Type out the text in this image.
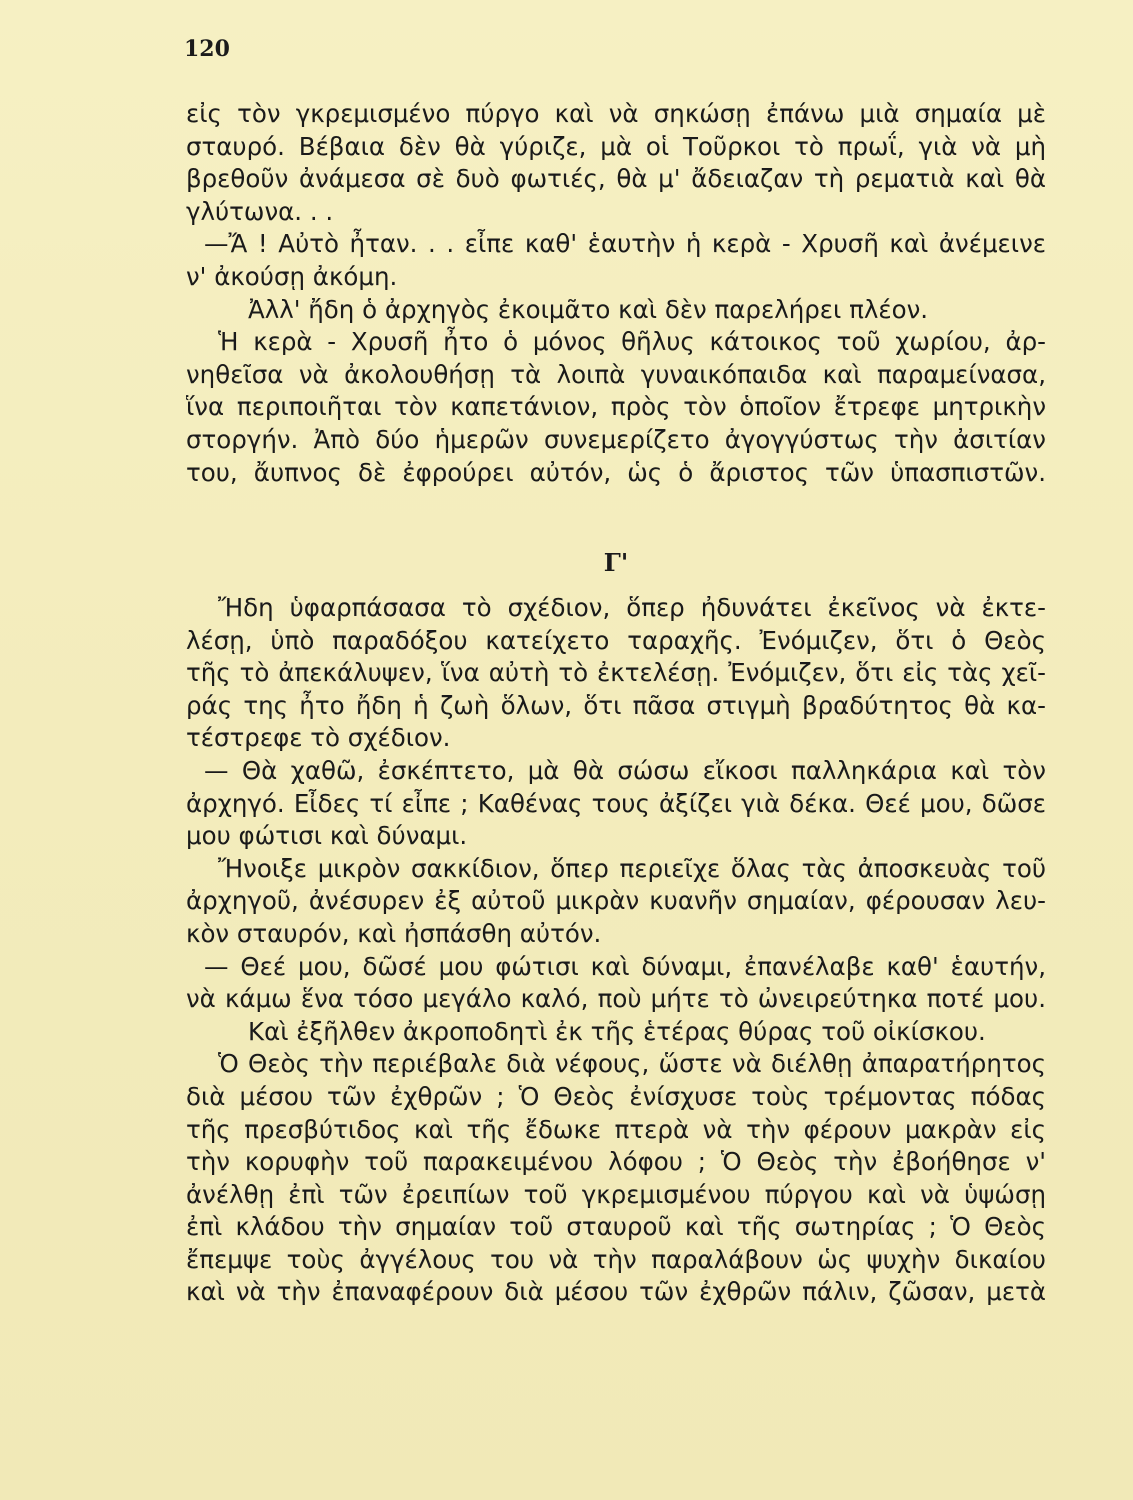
120
εἰς τὸν γκρεμισμένο πύργο καὶ νὰ σηκώσῃ ἐπάνω μιὰ σημαία μὲ
σταυρό. Βέβαια δὲν θὰ γύριζε, μὰ οἱ Τοῦρκοι τὸ πρωΐ, γιὰ νὰ μὴ
βρεθοῦν ἀνάμεσα σὲ δυὸ φωτιές, θὰ μ' ἄδειαζαν τὴ ρεματιὰ καὶ θὰ
γλύτωνα. . .
—Ἄ ! Αὐτὸ ἦταν. . . εἶπε καθ' ἑαυτὴν ἡ κερὰ - Χρυσῆ καὶ ἀνέμεινε
ν' ἀκούσῃ ἀκόμη.
Ἀλλ' ἤδη ὁ ἀρχηγὸς ἐκοιμᾶτο καὶ δὲν παρελήρει πλέον.
Ἡ κερὰ - Χρυσῆ ἦτο ὁ μόνος θῆλυς κάτοικος τοῦ χωρίου, ἀρ-
νηθεῖσα νὰ ἀκολουθήσῃ τὰ λοιπὰ γυναικόπαιδα καὶ παραμείνασα,
ἵνα περιποιῆται τὸν καπετάνιον, πρὸς τὸν ὁποῖον ἔτρεφε μητρικὴν
στοργήν. Ἀπὸ δύο ἡμερῶν συνεμερίζετο ἀγογγύστως τὴν ἀσιτίαν
του, ἄυπνος δὲ ἐφρούρει αὐτόν, ὡς ὁ ἄριστος τῶν ὑπασπιστῶν.
Γ'
Ἤδη ὑφαρπάσασα τὸ σχέδιον, ὅπερ ἠδυνάτει ἐκεῖνος νὰ ἐκτε-
λέσῃ, ὑπὸ παραδόξου κατείχετο ταραχῆς. Ἐνόμιζεν, ὅτι ὁ Θεὸς
τῆς τὸ ἀπεκάλυψεν, ἵνα αὐτὴ τὸ ἐκτελέσῃ. Ἐνόμιζεν, ὅτι εἰς τὰς χεῖ-
ράς της ἦτο ἤδη ἡ ζωὴ ὅλων, ὅτι πᾶσα στιγμὴ βραδύτητος θὰ κα-
τέστρεφε τὸ σχέδιον.
— Θὰ χαθῶ, ἐσκέπτετο, μὰ θὰ σώσω εἴκοσι παλληκάρια καὶ τὸν
ἀρχηγό. Εἶδες τί εἶπε ; Καθένας τους ἀξίζει γιὰ δέκα. Θεέ μου, δῶσε
μου φώτισι καὶ δύναμι.
Ἤνοιξε μικρὸν σακκίδιον, ὅπερ περιεῖχε ὅλας τὰς ἀποσκευὰς τοῦ
ἀρχηγοῦ, ἀνέσυρεν ἐξ αὐτοῦ μικρὰν κυανῆν σημαίαν, φέρουσαν λευ-
κὸν σταυρόν, καὶ ἠσπάσθη αὐτόν.
— Θεέ μου, δῶσέ μου φώτισι καὶ δύναμι, ἐπανέλαβε καθ' ἑαυτήν,
νὰ κάμω ἕνα τόσο μεγάλο καλό, ποὺ μήτε τὸ ὠνειρεύτηκα ποτέ μου.
Καὶ ἐξῆλθεν ἀκροποδητὶ ἐκ τῆς ἑτέρας θύρας τοῦ οἰκίσκου.
Ὁ Θεὸς τὴν περιέβαλε διὰ νέφους, ὥστε νὰ διέλθῃ ἀπαρατήρητος
διὰ μέσου τῶν ἐχθρῶν ; Ὁ Θεὸς ἐνίσχυσε τοὺς τρέμοντας πόδας
τῆς πρεσβύτιδος καὶ τῆς ἔδωκε πτερὰ νὰ τὴν φέρουν μακρὰν εἰς
τὴν κορυφὴν τοῦ παρακειμένου λόφου ; Ὁ Θεὸς τὴν ἐβοήθησε ν'
ἀνέλθῃ ἐπὶ τῶν ἐρειπίων τοῦ γκρεμισμένου πύργου καὶ νὰ ὑψώσῃ
ἐπὶ κλάδου τὴν σημαίαν τοῦ σταυροῦ καὶ τῆς σωτηρίας ; Ὁ Θεὸς
ἔπεμψε τοὺς ἀγγέλους του νὰ τὴν παραλάβουν ὡς ψυχὴν δικαίου
καὶ νὰ τὴν ἐπαναφέρουν διὰ μέσου τῶν ἐχθρῶν πάλιν, ζῶσαν, μετὰ
